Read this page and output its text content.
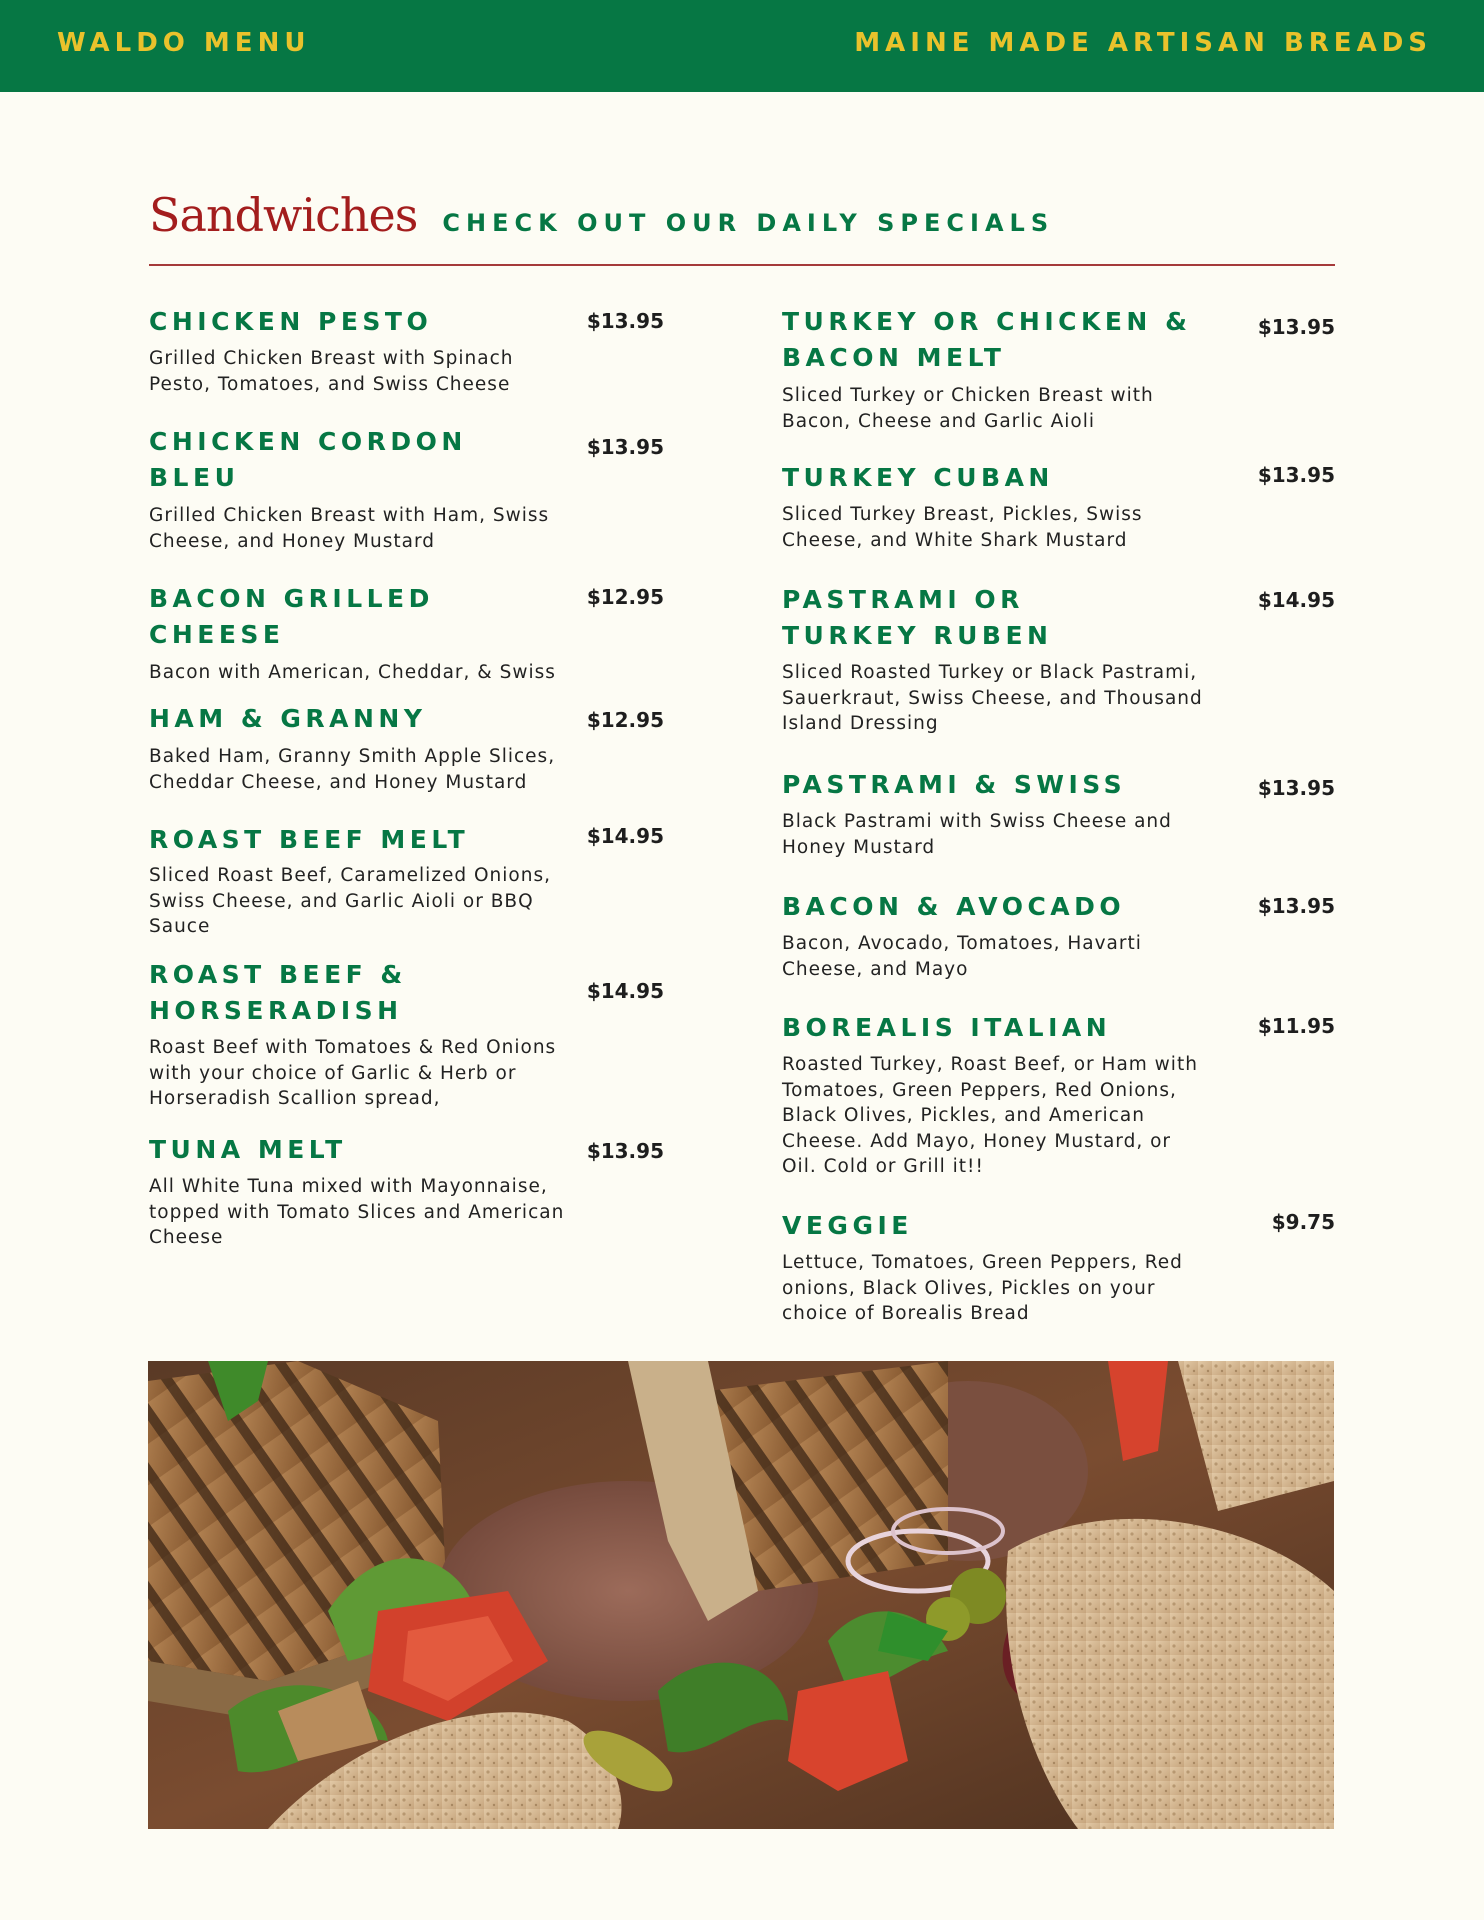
WALDO MENU	MAINE MADE ARTISAN BREADS
Sandwiches CHECK OUT OUR DAILY SPECIALS
CHICKEN PESTO	$13.95
Grilled Chicken Breast with Spinach Pesto, Tomatoes, and Swiss Cheese
CHICKEN CORDON BLEU
$13.95
Grilled Chicken Breast with Ham, Swiss Cheese, and Honey Mustard
BACON GRILLED CHEESE
$12.95
Bacon with American, Cheddar, & Swiss
HAM & GRANNY	$12.95
Baked Ham, Granny Smith Apple Slices, Cheddar Cheese, and Honey Mustard
ROAST BEEF MELT	$14.95
Sliced Roast Beef, Caramelized Onions, Swiss Cheese, and Garlic Aioli or BBQ Sauce
ROAST BEEF & HORSERADISH
$14.95
Roast Beef with Tomatoes & Red Onions with your choice of Garlic & Herb or Horseradish Scallion spread,
TUNA MELT	$13.95
All White Tuna mixed with Mayonnaise, topped with Tomato Slices and American Cheese
TURKEY OR CHICKEN & BACON MELT
$13.95
Sliced Turkey or Chicken Breast with Bacon, Cheese and Garlic Aioli
TURKEY CUBAN	$13.95
Sliced Turkey Breast, Pickles, Swiss Cheese, and White Shark Mustard
PASTRAMI OR TURKEY RUBEN
$14.95
Sliced Roasted Turkey or Black Pastrami, Sauerkraut, Swiss Cheese, and Thousand Island Dressing
PASTRAMI & SWISS	$13.95
Black Pastrami with Swiss Cheese and Honey Mustard
BACON & AVOCADO	$13.95
Bacon, Avocado, Tomatoes, Havarti Cheese, and Mayo
BOREALIS ITALIAN	$11.95
Roasted Turkey, Roast Beef, or Ham with Tomatoes, Green Peppers, Red Onions, Black Olives, Pickles, and American Cheese. Add Mayo, Honey Mustard, or Oil. Cold or Grill it!!
VEGGIE	$9.75
Lettuce, Tomatoes, Green Peppers, Red onions, Black Olives, Pickles on your choice of Borealis Bread
